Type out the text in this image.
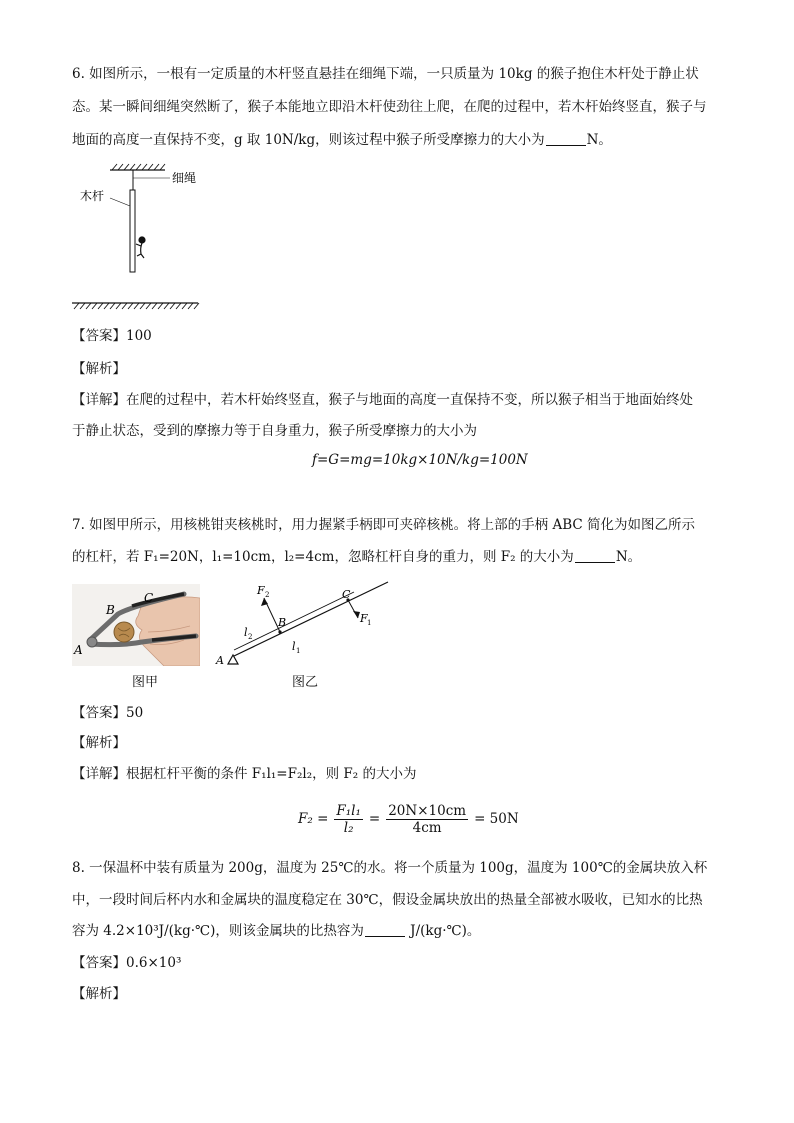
6. 如图所示，一根有一定质量的木杆竖直悬挂在细绳下端，一只质量为 10kg 的猴子抱住木杆处于静止状
态。某一瞬间细绳突然断了，猴子本能地立即沿木杆使劲往上爬，在爬的过程中，若木杆始终竖直，猴子与
地面的高度一直保持不变，g 取 10N/kg，则该过程中猴子所受摩擦力的大小为	N。
细绳
木杆
【答案】100
【解析】
【详解】在爬的过程中，若木杆始终竖直，猴子与地面的高度一直保持不变，所以猴子相当于地面始终处
于静止状态，受到的摩擦力等于自身重力，猴子所受摩擦力的大小为
f=G=mg=10kg×10N/kg=100N
7. 如图甲所示，用核桃钳夹核桃时，用力握紧手柄即可夹碎核桃。将上部的手柄 ABC 简化为如图乙所示
的杠杆，若 F₁=20N，l₁=10cm，l₂=4cm，忽略杠杆自身的重力，则 F₂ 的大小为	N。
B
C
A
F 2	C
B	F 1
l 2
l 1
A
图甲	图乙
【答案】50
【解析】
【详解】根据杠杆平衡的条件 F₁l₁=F₂l₂，则 F₂ 的大小为
$F_2 = \frac{\text{F₁l₁}}{\text{l₂}} = \frac{20N\times 10cm}{4cm} = 50N$
8. 一保温杯中装有质量为 200g，温度为 25℃的水。将一个质量为 100g，温度为 100℃的金属块放入杯
中，一段时间后杯内水和金属块的温度稳定在 30℃，假设金属块放出的热量全部被水吸收，已知水的比热
容为 4.2×10³J/(kg·℃)，则该金属块的比热容为	J/(kg·℃)。
【答案】0.6×10³
【解析】
